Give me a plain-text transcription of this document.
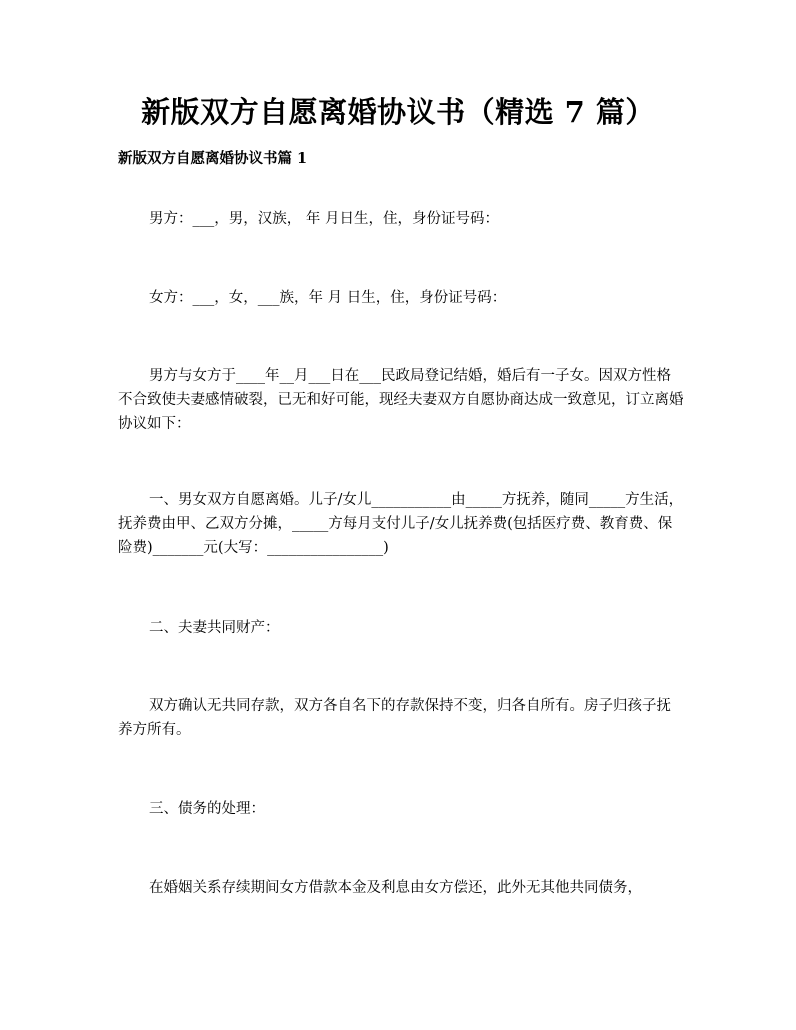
新版双方自愿离婚协议书（精选 7 篇）
新版双方自愿离婚协议书篇 1

男方：___，男，汉族， 年 月日生，住，身份证号码：

女方：___，女，___族，年 月 日生，住，身份证号码：

男方与女方于____年__月___日在___民政局登记结婚，婚后有一子女。因双方性格不合致使夫妻感情破裂，已无和好可能，现经夫妻双方自愿协商达成一致意见，订立离婚协议如下：

一、男女双方自愿离婚。儿子/女儿___________由_____方抚养，随同_____方生活，抚养费由甲、乙双方分摊，_____方每月支付儿子/女儿抚养费(包括医疗费、教育费、保险费)_______元(大写：________________)

二、夫妻共同财产：

双方确认无共同存款，双方各自名下的存款保持不变，归各自所有。房子归孩子抚养方所有。

三、债务的处理：

在婚姻关系存续期间女方借款本金及利息由女方偿还，此外无其他共同债务，
